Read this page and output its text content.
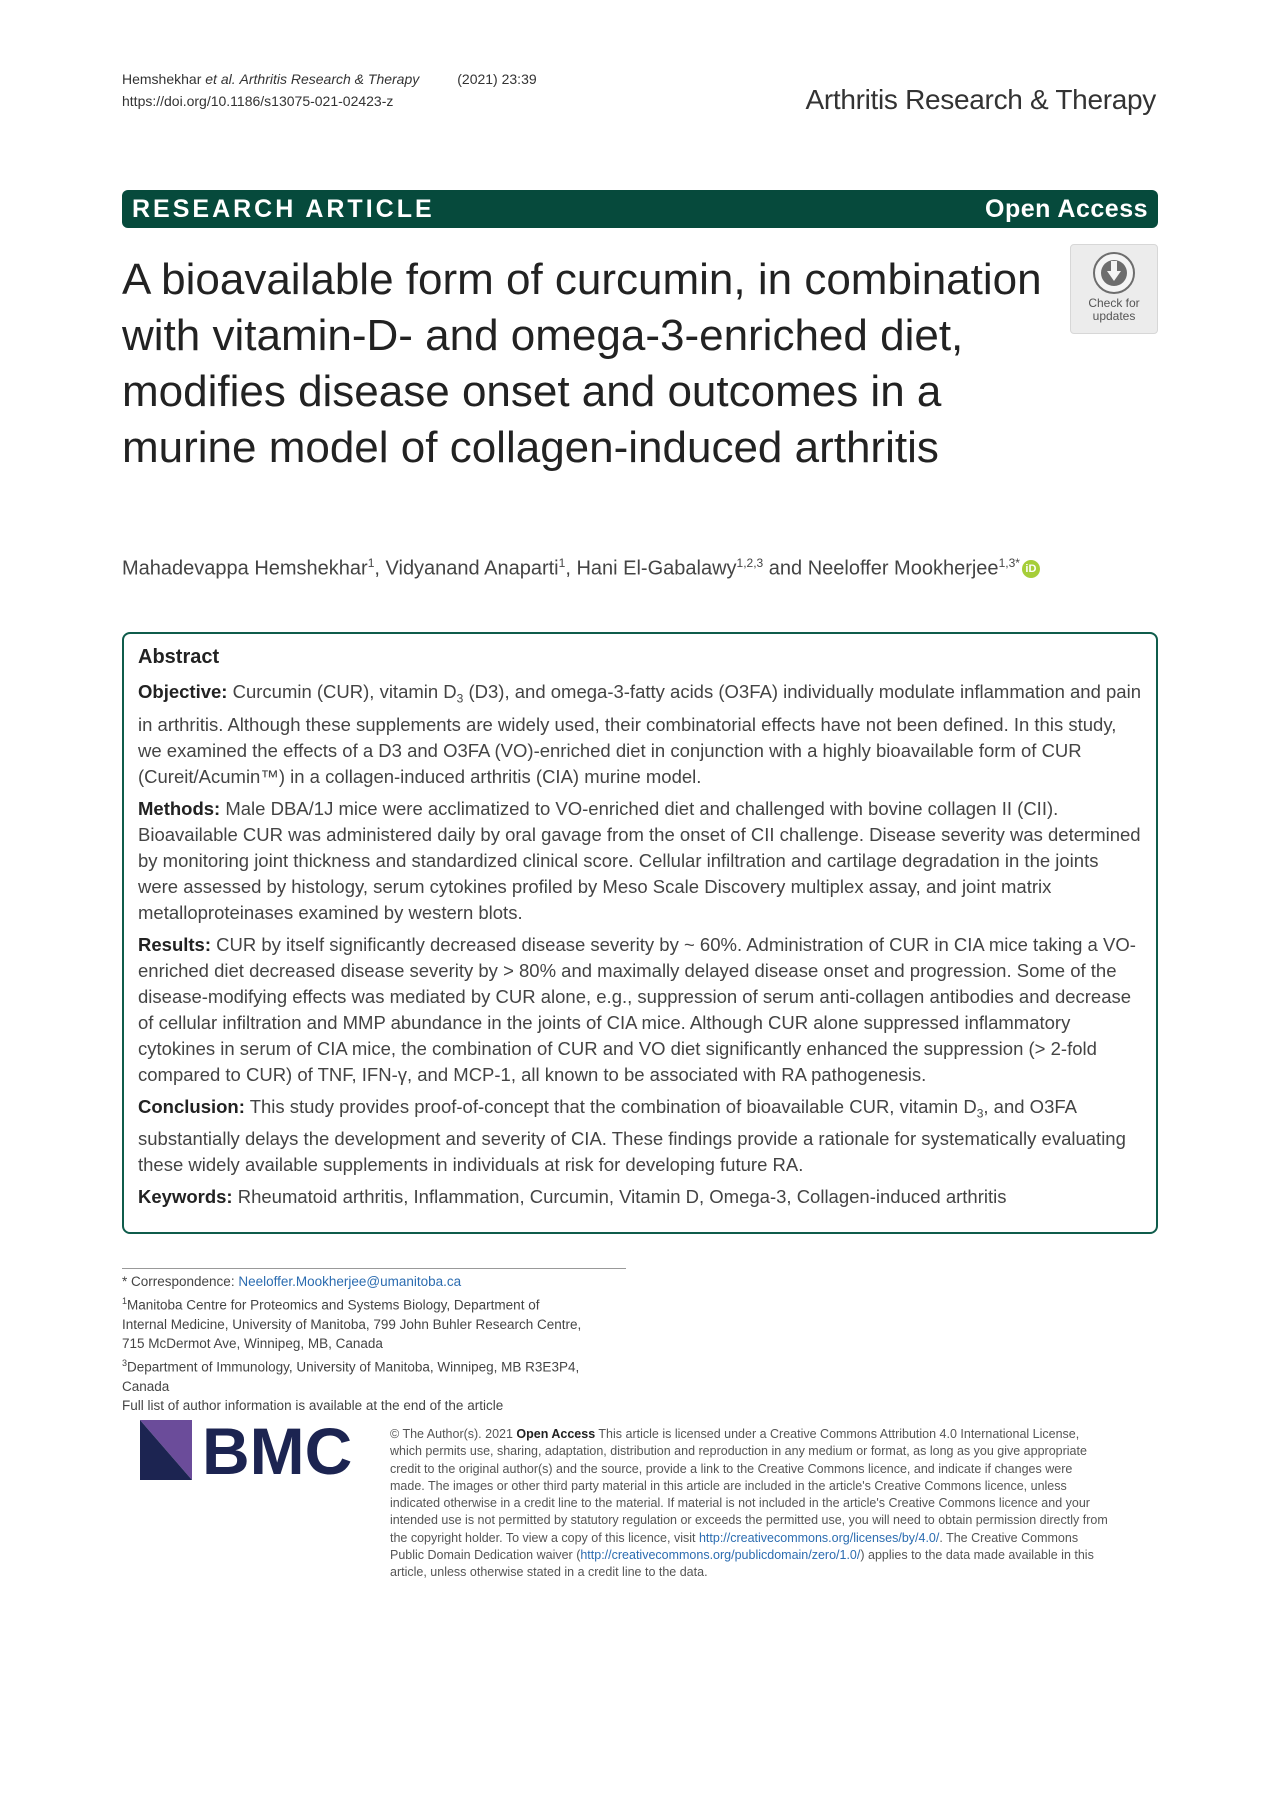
Hemshekhar et al. Arthritis Research & Therapy	(2021) 23:39
https://doi.org/10.1186/s13075-021-02423-z	Arthritis Research & Therapy
RESEARCH ARTICLE	Open Access
A bioavailable form of curcumin, in combination with vitamin-D- and omega-3-enriched diet, modifies disease onset and outcomes in a murine model of collagen-induced arthritis
Check for
updates
Mahadevappa Hemshekhar$^1$, Vidyanand Anaparti$^1$, Hani El-Gabalawy$^{1,2,3}$ and Neeloffer Mookherjee$^{1,3*}$ iD
Abstract

Objective: Curcumin (CUR), vitamin $D_3$ (D3), and omega-3-fatty acids (O3FA) individually modulate inflammation and pain in arthritis. Although these supplements are widely used, their combinatorial effects have not been defined. In this study, we examined the effects of a D3 and O3FA (VO)-enriched diet in conjunction with a highly bioavailable form of CUR (Cureit/Acumin™) in a collagen-induced arthritis (CIA) murine model.

Methods: Male DBA/1J mice were acclimatized to VO-enriched diet and challenged with bovine collagen II (CII). Bioavailable CUR was administered daily by oral gavage from the onset of CII challenge. Disease severity was determined by monitoring joint thickness and standardized clinical score. Cellular infiltration and cartilage degradation in the joints were assessed by histology, serum cytokines profiled by Meso Scale Discovery multiplex assay, and joint matrix metalloproteinases examined by western blots.

Results: CUR by itself significantly decreased disease severity by ~ 60%. Administration of CUR in CIA mice taking a VO-enriched diet decreased disease severity by > 80% and maximally delayed disease onset and progression. Some of the disease-modifying effects was mediated by CUR alone, e.g., suppression of serum anti-collagen antibodies and decrease of cellular infiltration and MMP abundance in the joints of CIA mice. Although CUR alone suppressed inflammatory cytokines in serum of CIA mice, the combination of CUR and VO diet significantly enhanced the suppression (> 2-fold compared to CUR) of TNF, IFN-γ, and MCP-1, all known to be associated with RA pathogenesis.

Conclusion: This study provides proof-of-concept that the combination of bioavailable CUR, vitamin $D_3$, and O3FA substantially delays the development and severity of CIA. These findings provide a rationale for systematically evaluating these widely available supplements in individuals at risk for developing future RA.

Keywords: Rheumatoid arthritis, Inflammation, Curcumin, Vitamin D, Omega-3, Collagen-induced arthritis

* Correspondence: Neeloffer.Mookherjee@umanitoba.ca
$^1$Manitoba Centre for Proteomics and Systems Biology, Department of
Internal Medicine, University of Manitoba, 799 John Buhler Research Centre,
715 McDermot Ave, Winnipeg, MB, Canada
$^3$Department of Immunology, University of Manitoba, Winnipeg, MB R3E3P4,
Canada
Full list of author information is available at the end of the article
BMC	© The Author(s). 2021 Open Access This article is licensed under a Creative Commons Attribution 4.0 International License, which permits use, sharing, adaptation, distribution and reproduction in any medium or format, as long as you give appropriate credit to the original author(s) and the source, provide a link to the Creative Commons licence, and indicate if changes were made. The images or other third party material in this article are included in the article's Creative Commons licence, unless indicated otherwise in a credit line to the material. If material is not included in the article's Creative Commons licence and your intended use is not permitted by statutory regulation or exceeds the permitted use, you will need to obtain permission directly from the copyright holder. To view a copy of this licence, visit http://creativecommons.org/licenses/by/4.0/. The Creative Commons Public Domain Dedication waiver (http://creativecommons.org/publicdomain/zero/1.0/) applies to the data made available in this article, unless otherwise stated in a credit line to the data.
